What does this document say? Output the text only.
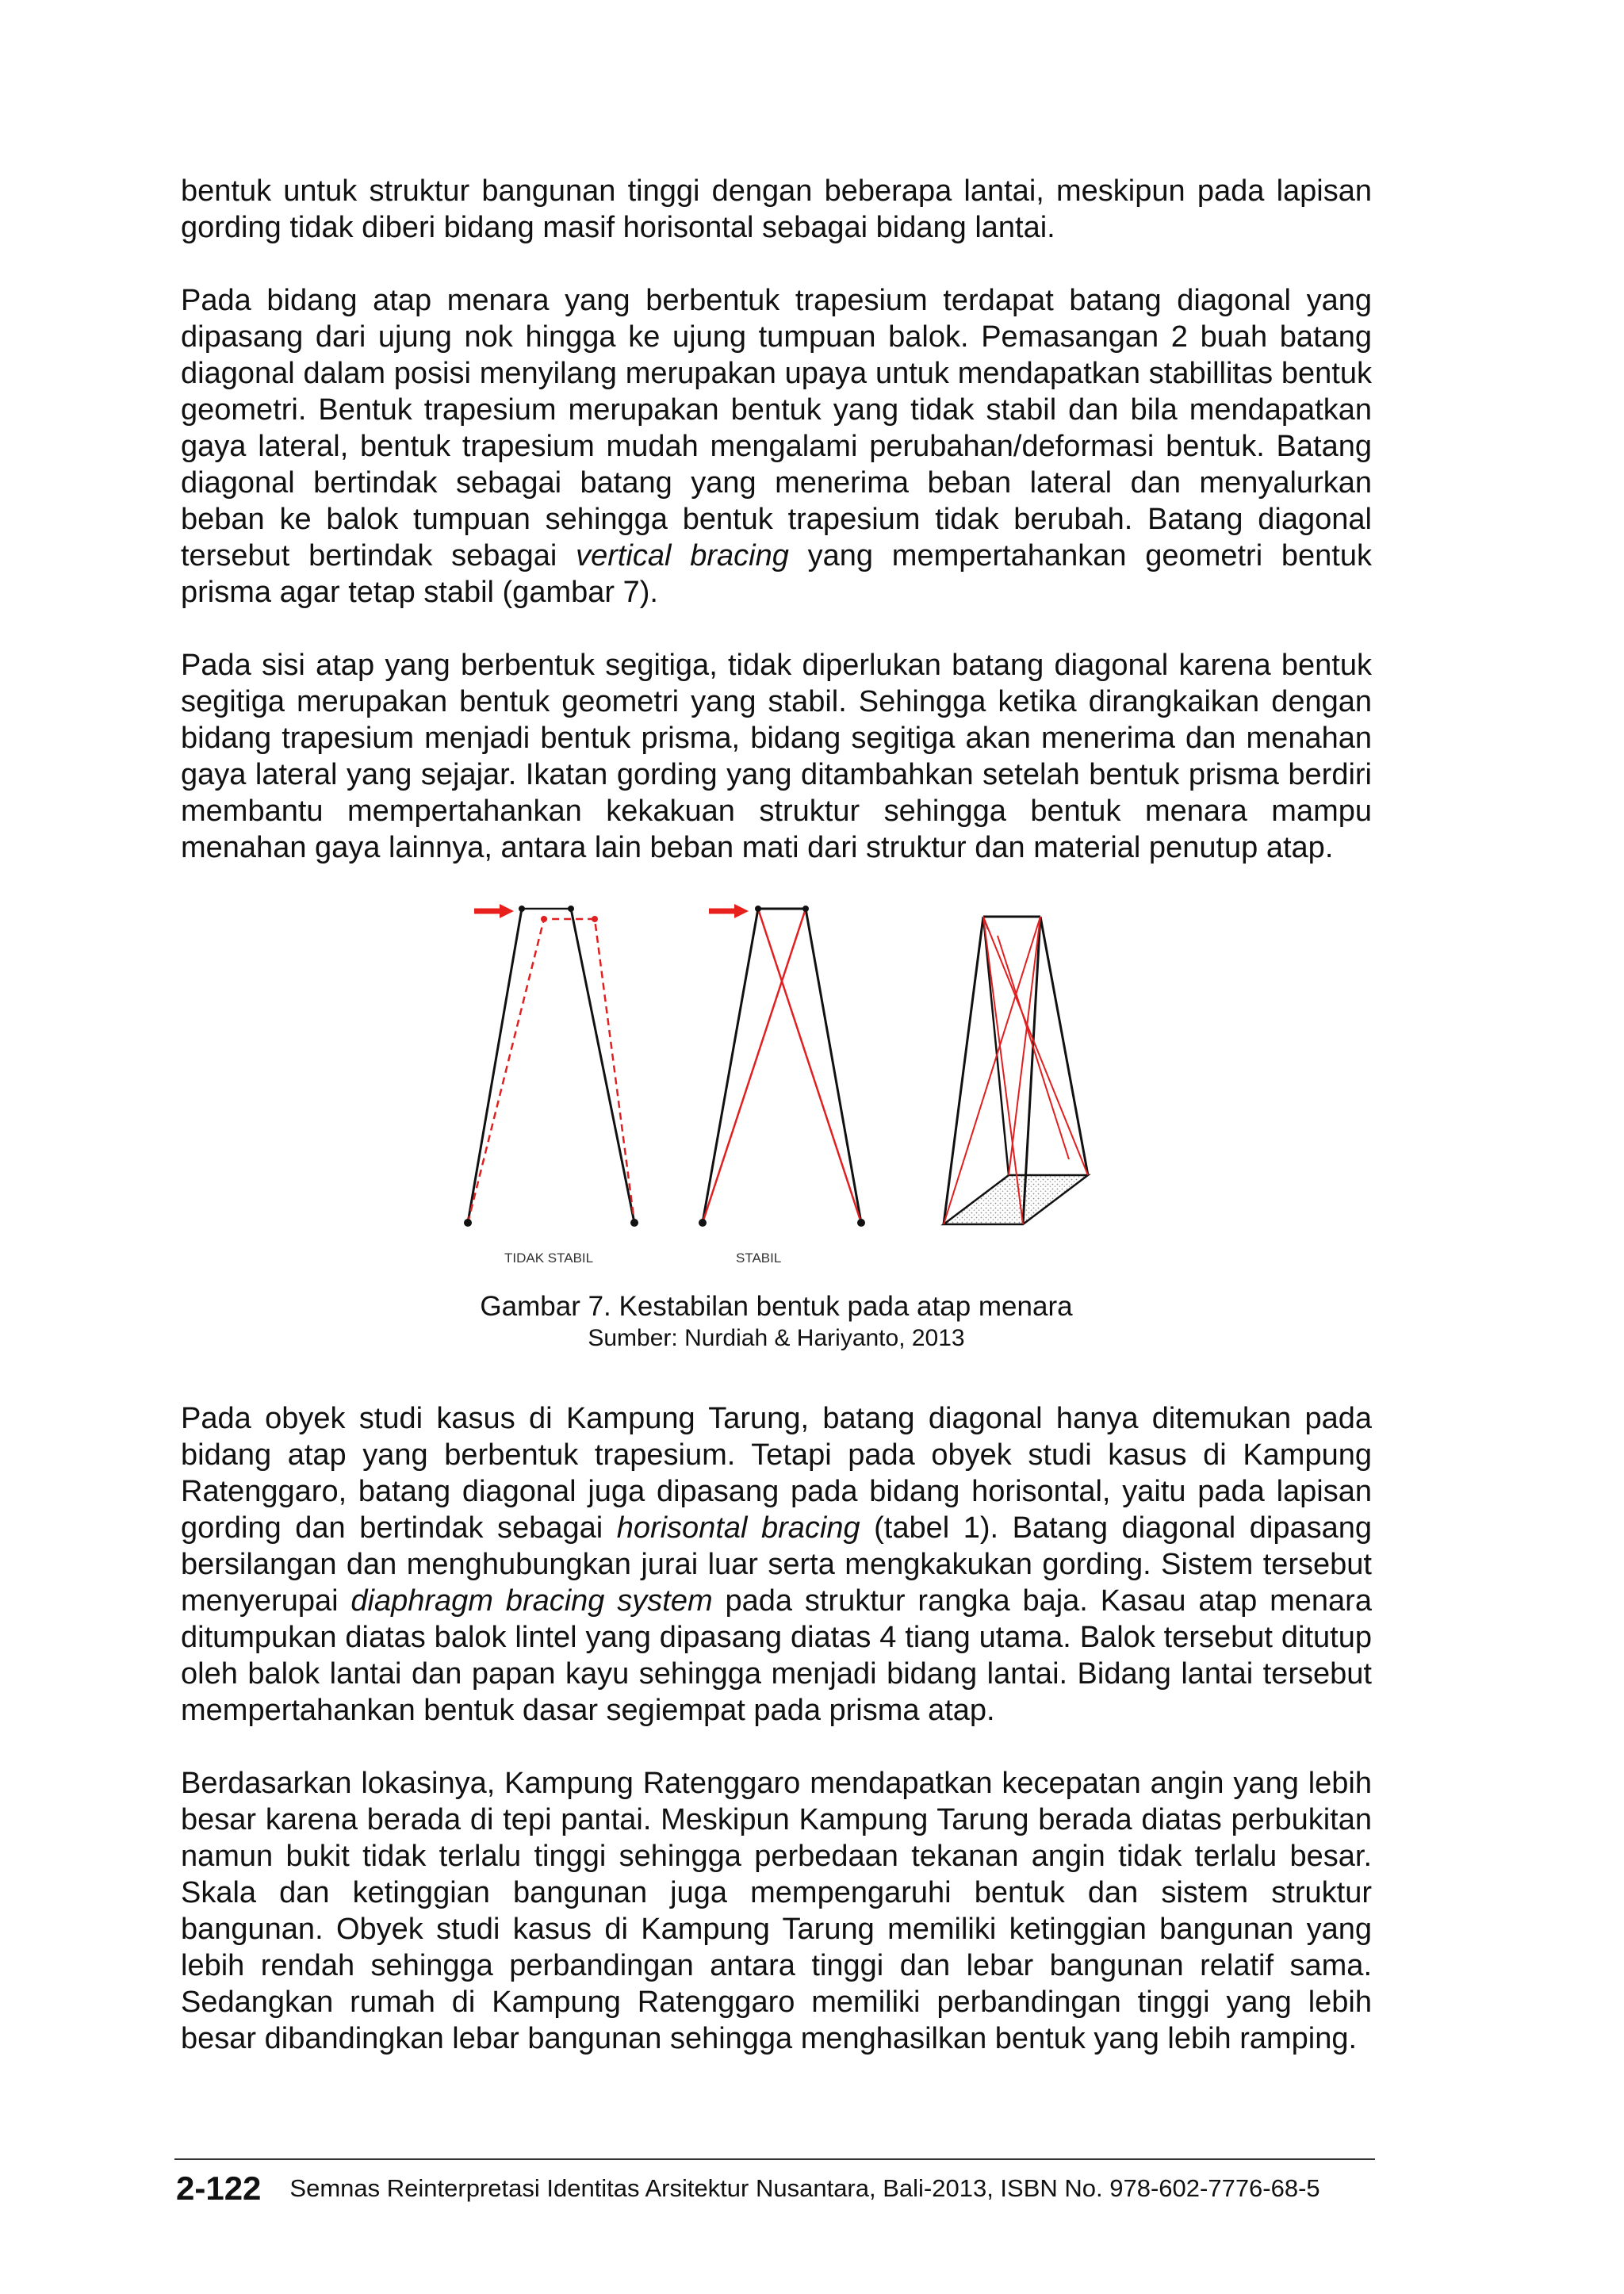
bentuk untuk struktur bangunan tinggi dengan beberapa lantai, meskipun pada lapisan gording tidak diberi bidang masif horisontal sebagai bidang lantai.

Pada bidang atap menara yang berbentuk trapesium terdapat batang diagonal yang dipasang dari ujung nok hingga ke ujung tumpuan balok. Pemasangan 2 buah batang diagonal dalam posisi menyilang merupakan upaya untuk mendapatkan stabillitas bentuk geometri. Bentuk trapesium merupakan bentuk yang tidak stabil dan bila mendapatkan gaya lateral, bentuk trapesium mudah mengalami perubahan/deformasi bentuk. Batang diagonal bertindak sebagai batang yang menerima beban lateral dan menyalurkan beban ke balok tumpuan sehingga bentuk trapesium tidak berubah. Batang diagonal tersebut bertindak sebagai vertical bracing yang mempertahankan geometri bentuk prisma agar tetap stabil (gambar 7).

Pada sisi atap yang berbentuk segitiga, tidak diperlukan batang diagonal karena bentuk segitiga merupakan bentuk geometri yang stabil. Sehingga ketika dirangkaikan dengan bidang trapesium menjadi bentuk prisma, bidang segitiga akan menerima dan menahan gaya lateral yang sejajar. Ikatan gording yang ditambahkan setelah bentuk prisma berdiri membantu mempertahankan kekakuan struktur sehingga bentuk menara mampu menahan gaya lainnya, antara lain beban mati dari struktur dan material penutup atap.

TIDAK STABIL	STABIL
Gambar 7. Kestabilan bentuk pada atap menara
Sumber: Nurdiah & Hariyanto, 2013

Pada obyek studi kasus di Kampung Tarung, batang diagonal hanya ditemukan pada bidang atap yang berbentuk trapesium. Tetapi pada obyek studi kasus di Kampung Ratenggaro, batang diagonal juga dipasang pada bidang horisontal, yaitu pada lapisan gording dan bertindak sebagai horisontal bracing (tabel 1). Batang diagonal dipasang bersilangan dan menghubungkan jurai luar serta mengkakukan gording. Sistem tersebut menyerupai diaphragm bracing system pada struktur rangka baja. Kasau atap menara ditumpukan diatas balok lintel yang dipasang diatas 4 tiang utama. Balok tersebut ditutup oleh balok lantai dan papan kayu sehingga menjadi bidang lantai. Bidang lantai tersebut mempertahankan bentuk dasar segiempat pada prisma atap.

Berdasarkan lokasinya, Kampung Ratenggaro mendapatkan kecepatan angin yang lebih besar karena berada di tepi pantai. Meskipun Kampung Tarung berada diatas perbukitan namun bukit tidak terlalu tinggi sehingga perbedaan tekanan angin tidak terlalu besar. Skala dan ketinggian bangunan juga mempengaruhi bentuk dan sistem struktur bangunan. Obyek studi kasus di Kampung Tarung memiliki ketinggian bangunan yang lebih rendah sehingga perbandingan antara tinggi dan lebar bangunan relatif sama. Sedangkan rumah di Kampung Ratenggaro memiliki perbandingan tinggi yang lebih besar dibandingkan lebar bangunan sehingga menghasilkan bentuk yang lebih ramping.

2-122 Semnas Reinterpretasi Identitas Arsitektur Nusantara, Bali-2013, ISBN No. 978-602-7776-68-5
